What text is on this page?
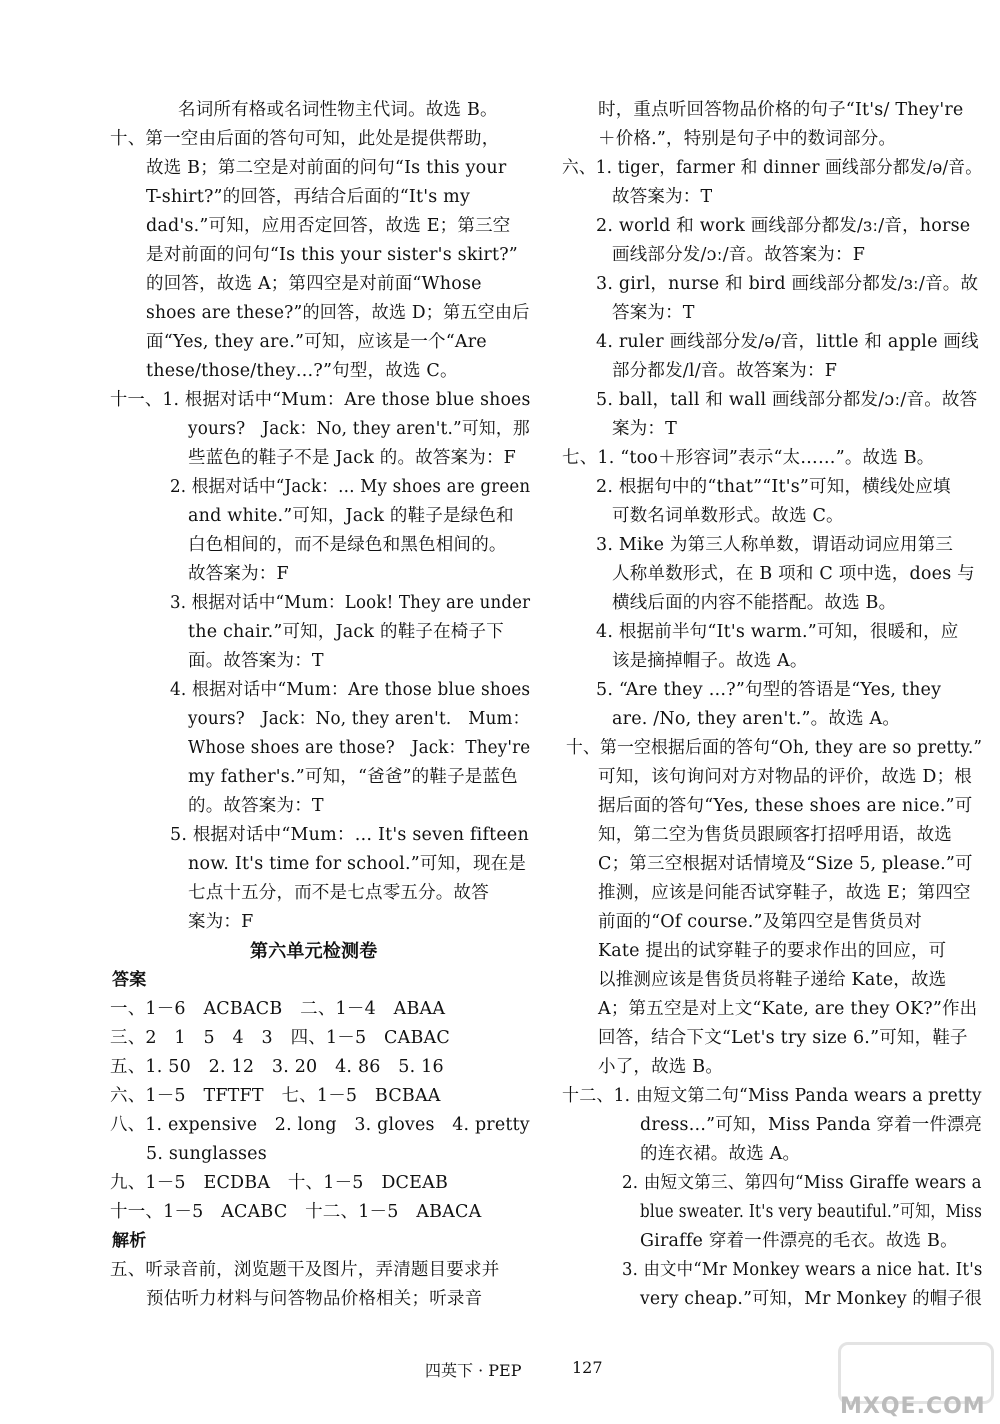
名词所有格或名词性物主代词。故选 B。
十、第一空由后面的答句可知，此处是提供帮助，
故选 B；第二空是对前面的问句“Is this your
T-shirt?”的回答，再结合后面的“It's my
dad's.”可知，应用否定回答，故选 E；第三空
是对前面的问句“Is this your sister's skirt?”
的回答，故选 A；第四空是对前面“Whose
shoes are these?”的回答，故选 D；第五空由后
面“Yes, they are.”可知，应该是一个“Are
these/those/they…?”句型，故选 C。
十一、1. 根据对话中“Mum：Are those blue shoes
yours?　Jack：No, they aren't.”可知，那
些蓝色的鞋子不是 Jack 的。故答案为：F
2. 根据对话中“Jack：… My shoes are green
and white.”可知，Jack 的鞋子是绿色和
白色相间的，而不是绿色和黑色相间的。
故答案为：F
3. 根据对话中“Mum：Look! They are under
the chair.”可知，Jack 的鞋子在椅子下
面。故答案为：T
4. 根据对话中“Mum：Are those blue shoes
yours?　Jack：No, they aren't.　Mum：
Whose shoes are those?　Jack：They're
my father's.”可知，“爸爸”的鞋子是蓝色
的。故答案为：T
5. 根据对话中“Mum：… It's seven fifteen
now. It's time for school.”可知，现在是
七点十五分，而不是七点零五分。故答
案为：F
第六单元检测卷
答案
一、1－6　ACBACB　二、1－4　ABAA
三、2　1　5　4　3　四、1－5　CABAC
五、1. 50　2. 12　3. 20　4. 86　5. 16
六、1－5　TFTFT　七、1－5　BCBAA
八、1. expensive　2. long　3. gloves　4. pretty
5. sunglasses
九、1－5　ECDBA　十、1－5　DCEAB
十一、1－5　ACABC　十二、1－5　ABACA
解析
五、听录音前，浏览题干及图片，弄清题目要求并
预估听力材料与问答物品价格相关；听录音
时，重点听回答物品价格的句子“It's/ They're
＋价格.”，特别是句子中的数词部分。
六、1. tiger，farmer 和 dinner 画线部分都发/ə/音。
故答案为：T
2. world 和 work 画线部分都发/ɜː/音，horse
画线部分发/ɔː/音。故答案为：F
3. girl，nurse 和 bird 画线部分都发/ɜː/音。故
答案为：T
4. ruler 画线部分发/ə/音，little 和 apple 画线
部分都发/l/音。故答案为：F
5. ball，tall 和 wall 画线部分都发/ɔː/音。故答
案为：T
七、1. “too＋形容词”表示“太……”。故选 B。
2. 根据句中的“that”“It's”可知，横线处应填
可数名词单数形式。故选 C。
3. Mike 为第三人称单数，谓语动词应用第三
人称单数形式，在 B 项和 C 项中选，does 与
横线后面的内容不能搭配。故选 B。
4. 根据前半句“It's warm.”可知，很暖和，应
该是摘掉帽子。故选 A。
5. “Are they …?”句型的答语是“Yes, they
are. /No, they aren't.”。故选 A。
十、第一空根据后面的答句“Oh, they are so pretty.”
可知，该句询问对方对物品的评价，故选 D；根
据后面的答句“Yes, these shoes are nice.”可
知，第二空为售货员跟顾客打招呼用语，故选
C；第三空根据对话情境及“Size 5, please.”可
推测，应该是问能否试穿鞋子，故选 E；第四空
前面的“Of course.”及第四空是售货员对
Kate 提出的试穿鞋子的要求作出的回应，可
以推测应该是售货员将鞋子递给 Kate，故选
A；第五空是对上文“Kate, are they OK?”作出
回答，结合下文“Let's try size 6.”可知，鞋子
小了，故选 B。
十二、1. 由短文第二句“Miss Panda wears a pretty
dress…”可知，Miss Panda 穿着一件漂亮
的连衣裙。故选 A。
2. 由短文第三、第四句“Miss Giraffe wears a
blue sweater. It's very beautiful.”可知，Miss
Giraffe 穿着一件漂亮的毛衣。故选 B。
3. 由文中“Mr Monkey wears a nice hat. It's
very cheap.”可知，Mr Monkey 的帽子很
四英下 · PEP	127
MXQE.COM
